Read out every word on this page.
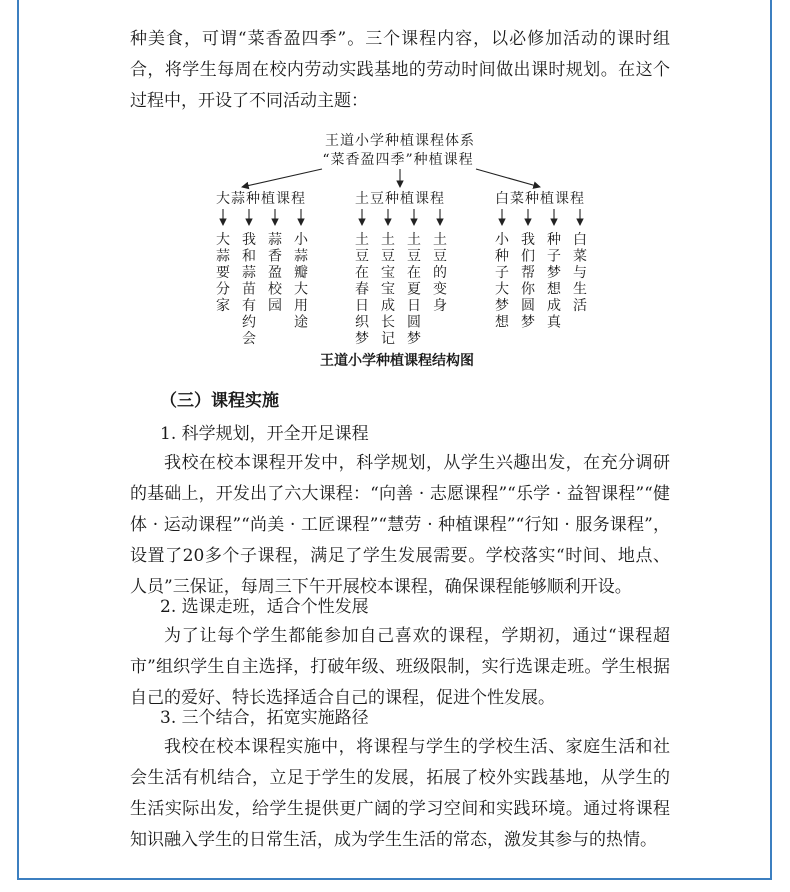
种美食，可谓“菜香盈四季”。三个课程内容，以必修加活动的课时组合，将学生每周在校内劳动实践基地的劳动时间做出课时规划。在这个过程中，开设了不同活动主题：

王道小学种植课程体系
“菜香盈四季”种植课程
大蒜种植课程
大蒜要分家
我和蒜苗有约会
蒜香盈校园
小蒜瓣大用途
土豆种植课程
土豆在春日织梦
土豆宝宝成长记
土豆在夏日圆梦
土豆的变身
白菜种植课程
小种子大梦想
我们帮你圆梦
种子梦想成真
白菜与生活
王道小学种植课程结构图

（三）课程实施

1. 科学规划，开全开足课程

我校在校本课程开发中，科学规划，从学生兴趣出发，在充分调研的基础上，开发出了六大课程：“向善 · 志愿课程”“乐学 · 益智课程”“健体 · 运动课程”“尚美 · 工匠课程”“慧劳 · 种植课程”“行知 · 服务课程”，设置了20多个子课程，满足了学生发展需要。学校落实“时间、地点、人员”三保证，每周三下午开展校本课程，确保课程能够顺利开设。

2. 选课走班，适合个性发展

为了让每个学生都能参加自己喜欢的课程，学期初，通过“课程超市”组织学生自主选择，打破年级、班级限制，实行选课走班。学生根据自己的爱好、特长选择适合自己的课程，促进个性发展。

3. 三个结合，拓宽实施路径

我校在校本课程实施中，将课程与学生的学校生活、家庭生活和社会生活有机结合，立足于学生的发展，拓展了校外实践基地，从学生的生活实际出发，给学生提供更广阔的学习空间和实践环境。通过将课程知识融入学生的日常生活，成为学生生活的常态，激发其参与的热情。
